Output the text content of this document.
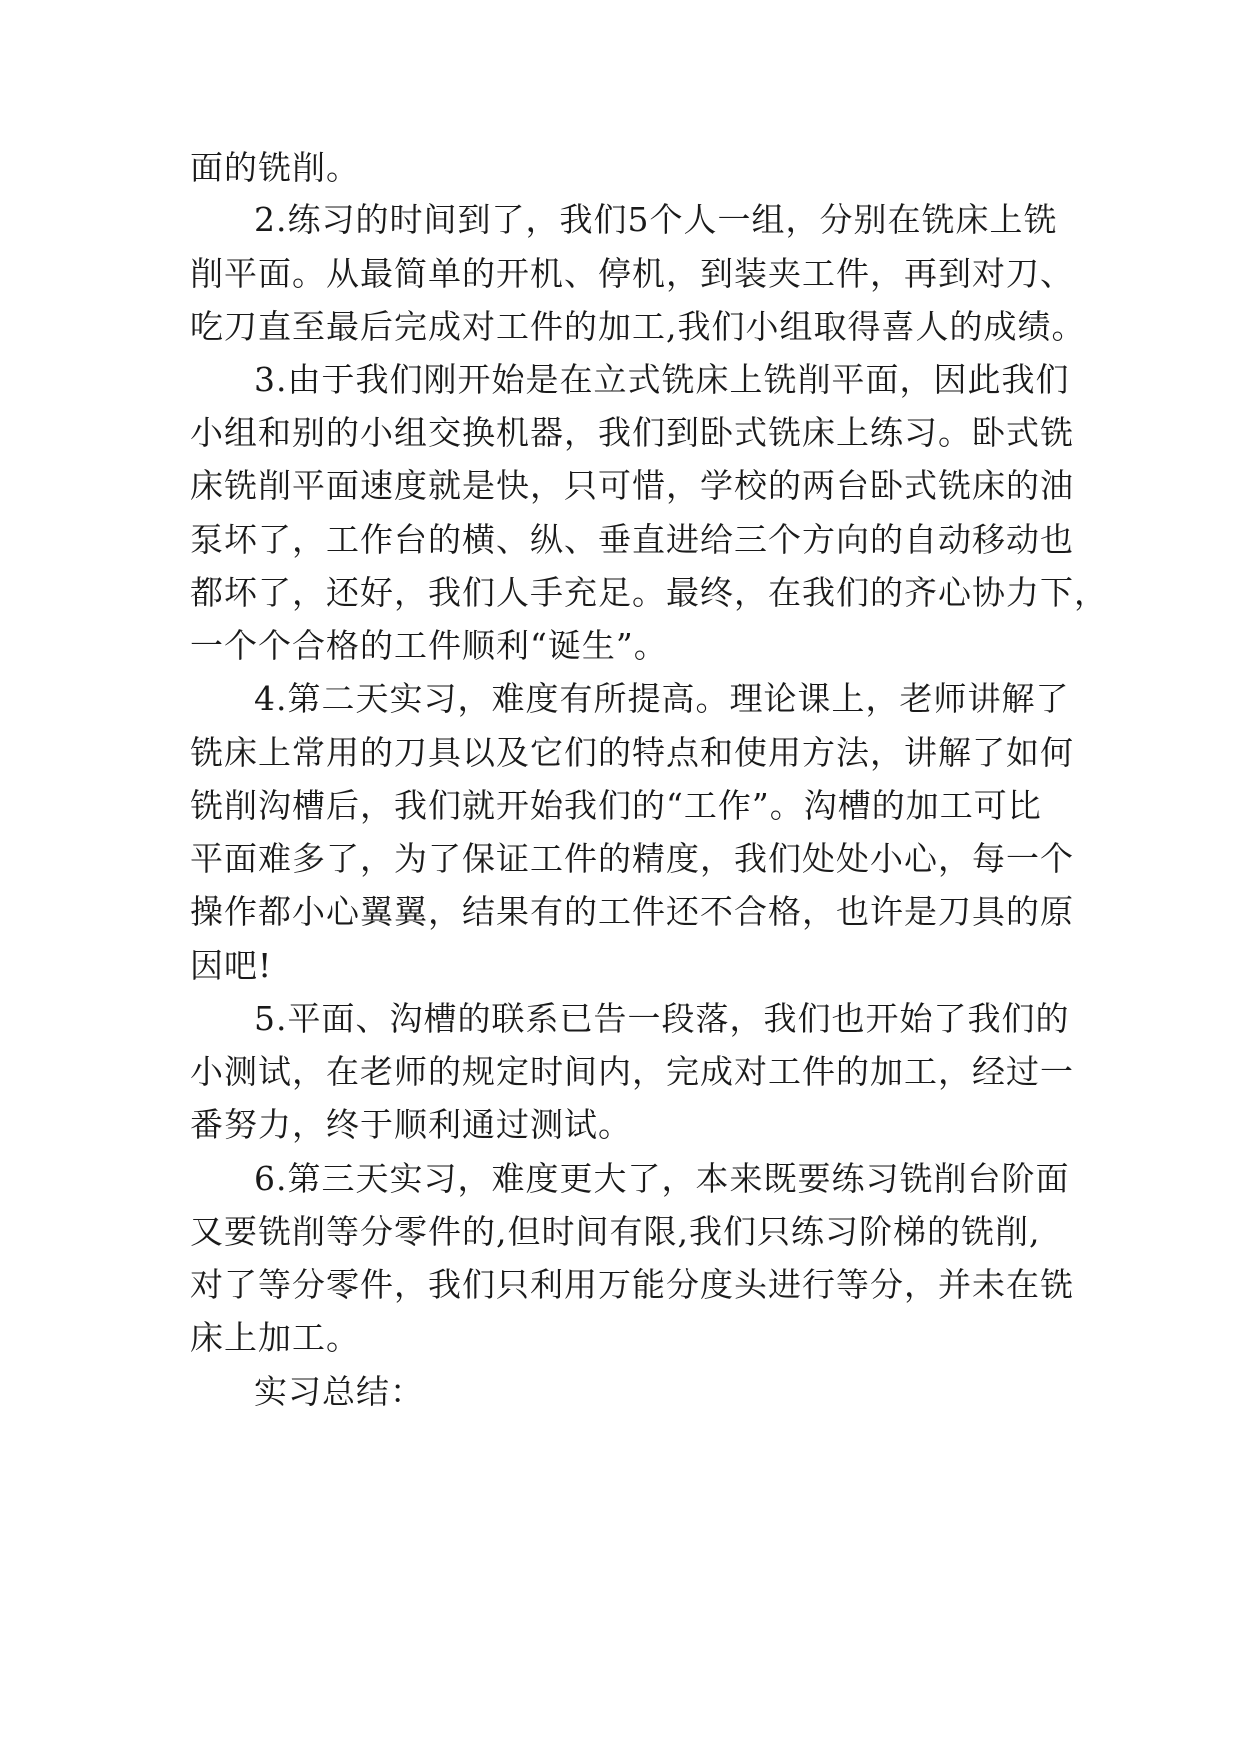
面的铣削。

2.练习的时间到了，我们5个人一组，分别在铣床上铣

削平面。从最简单的开机、停机，到装夹工件，再到对刀、

吃刀直至最后完成对工件的加工,我们小组取得喜人的成绩。

3.由于我们刚开始是在立式铣床上铣削平面，因此我们

小组和别的小组交换机器，我们到卧式铣床上练习。卧式铣

床铣削平面速度就是快，只可惜，学校的两台卧式铣床的油

泵坏了，工作台的横、纵、垂直进给三个方向的自动移动也

都坏了，还好，我们人手充足。最终，在我们的齐心协力下，

一个个合格的工件顺利“诞生”。

4.第二天实习，难度有所提高。理论课上，老师讲解了

铣床上常用的刀具以及它们的特点和使用方法，讲解了如何

铣削沟槽后，我们就开始我们的“工作”。沟槽的加工可比

平面难多了，为了保证工件的精度，我们处处小心，每一个

操作都小心翼翼，结果有的工件还不合格，也许是刀具的原

因吧!

5.平面、沟槽的联系已告一段落，我们也开始了我们的

小测试，在老师的规定时间内，完成对工件的加工，经过一

番努力，终于顺利通过测试。

6.第三天实习，难度更大了，本来既要练习铣削台阶面

又要铣削等分零件的,但时间有限,我们只练习阶梯的铣削,

对了等分零件，我们只利用万能分度头进行等分，并未在铣

床上加工。

实习总结：
